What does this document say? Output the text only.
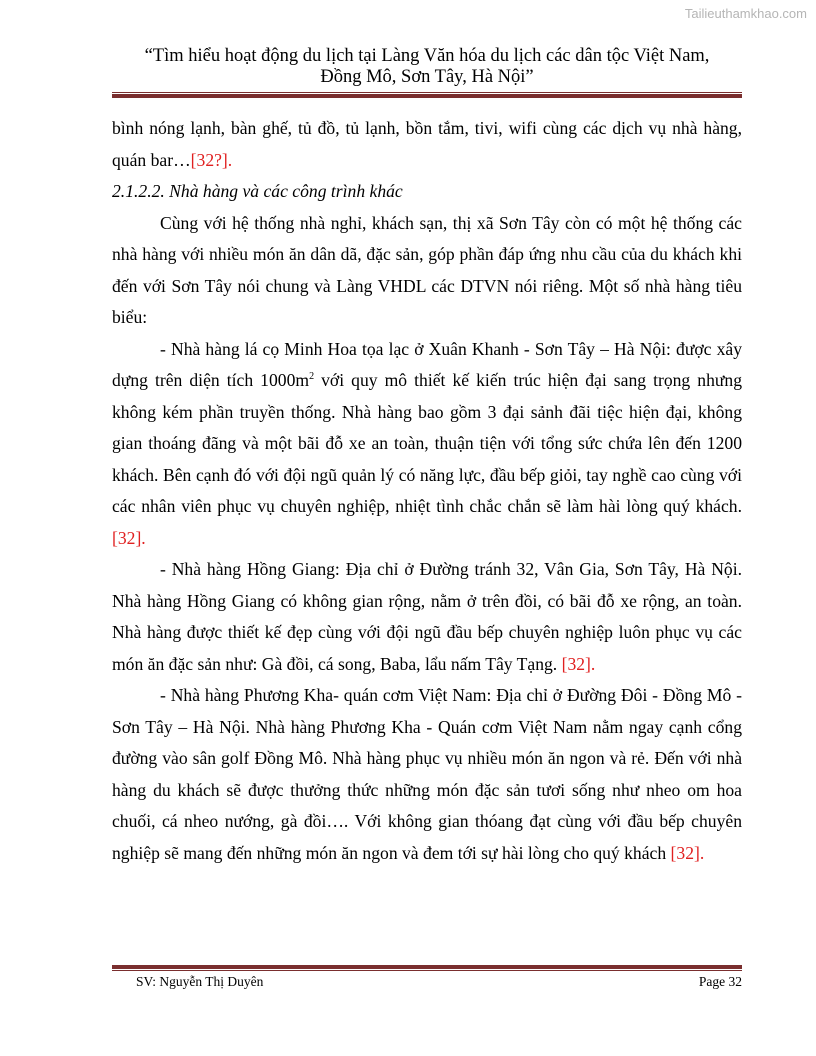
Tailieuthamkhao.com
“Tìm hiểu hoạt động du lịch tại Làng Văn hóa du lịch các dân tộc Việt Nam,
Đồng Mô, Sơn Tây, Hà Nội”

bình nóng lạnh, bàn ghế, tủ đồ, tủ lạnh, bồn tắm, tivi, wifi cùng các dịch vụ nhà hàng, quán bar…[32?].

2.1.2.2. Nhà hàng và các công trình khác

Cùng với hệ thống nhà nghỉ, khách sạn, thị xã Sơn Tây còn có một hệ thống các nhà hàng với nhiều món ăn dân dã, đặc sản, góp phần đáp ứng nhu cầu của du khách khi đến với Sơn Tây nói chung và Làng VHDL các DTVN nói riêng. Một số nhà hàng tiêu biểu:

- Nhà hàng lá cọ Minh Hoa tọa lạc ở Xuân Khanh - Sơn Tây – Hà Nội: được xây dựng trên diện tích $1000m^2$ với quy mô thiết kế kiến trúc hiện đại sang trọng nhưng không kém phần truyền thống. Nhà hàng bao gồm 3 đại sảnh đãi tiệc hiện đại, không gian thoáng đãng và một bãi đỗ xe an toàn, thuận tiện với tổng sức chứa lên đến 1200 khách. Bên cạnh đó với đội ngũ quản lý có năng lực, đầu bếp giỏi, tay nghề cao cùng với các nhân viên phục vụ chuyên nghiệp, nhiệt tình chắc chắn sẽ làm hài lòng quý khách. [32].

- Nhà hàng Hồng Giang: Địa chỉ ở Đường tránh 32, Vân Gia, Sơn Tây, Hà Nội. Nhà hàng Hồng Giang có không gian rộng, nằm ở trên đồi, có bãi đỗ xe rộng, an toàn. Nhà hàng được thiết kế đẹp cùng với đội ngũ đầu bếp chuyên nghiệp luôn phục vụ các món ăn đặc sản như: Gà đồi, cá song, Baba, lẩu nấm Tây Tạng. [32].

- Nhà hàng Phương Kha- quán cơm Việt Nam: Địa chỉ ở Đường Đôi - Đồng Mô - Sơn Tây – Hà Nội. Nhà hàng Phương Kha - Quán cơm Việt Nam nằm ngay cạnh cổng đường vào sân golf Đồng Mô. Nhà hàng phục vụ nhiều món ăn ngon và rẻ. Đến với nhà hàng du khách sẽ được thưởng thức những món đặc sản tươi sống như nheo om hoa chuối, cá nheo nướng, gà đồi…. Với không gian thóang đạt cùng với đầu bếp chuyên nghiệp sẽ mang đến những món ăn ngon và đem tới sự hài lòng cho quý khách [32].

SV: Nguyễn Thị Duyên	Page 32
